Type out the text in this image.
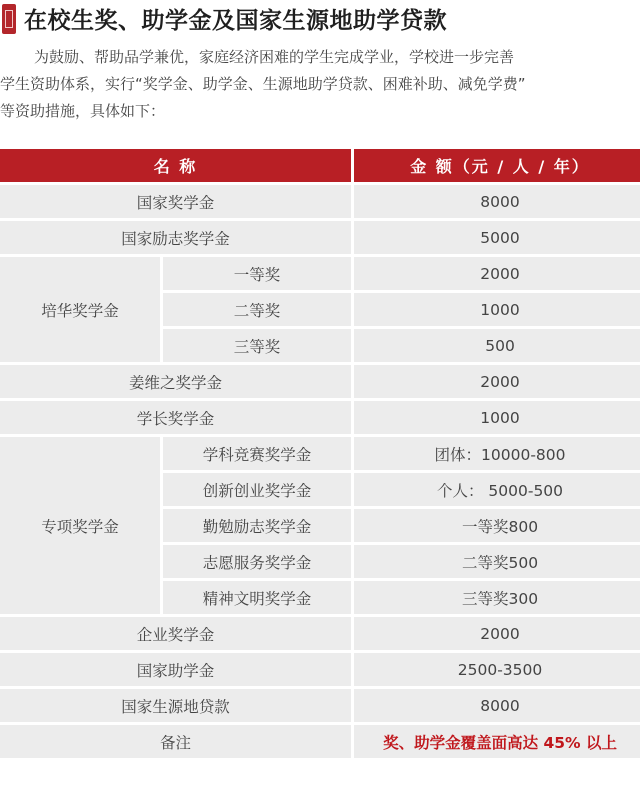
在校生奖、助学金及国家生源地助学贷款
为鼓励、帮助品学兼优，家庭经济困难的学生完成学业，学校进一步完善
学生资助体系，实行“奖学金、助学金、生源地助学贷款、困难补助、减免学费”
等资助措施，具体如下：
名 称		金 额（元 / 人 / 年）
国家奖学金		8000
国家励志奖学金		5000
培华奖学金	一等奖	2000
	二等奖	1000
	三等奖	500
姜维之奖学金		2000
学长奖学金		1000
专项奖学金	学科竞赛奖学金	团体：10000-800
	创新创业奖学金	个人： 5000-500
	勤勉励志奖学金	一等奖800
	志愿服务奖学金	二等奖500
	精神文明奖学金	三等奖300
企业奖学金		2000
国家助学金		2500-3500
国家生源地贷款		8000
备注		奖、助学金覆盖面高达 45% 以上
